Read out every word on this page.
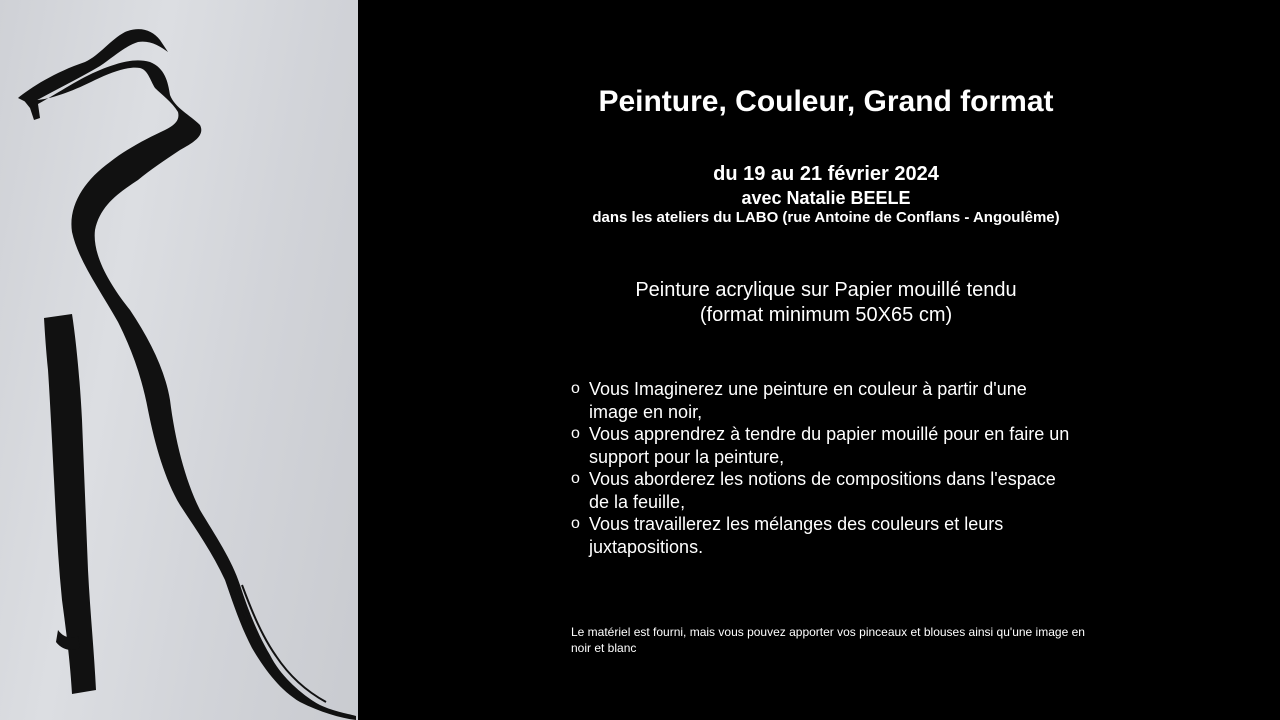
Peinture, Couleur, Grand format

du 19 au 21 février 2024

avec Natalie BEELE

dans les ateliers du LABO (rue Antoine de Conflans - Angoulême)

Peinture acrylique sur Papier mouillé tendu
(format minimum 50X65 cm)

o Vous Imaginerez une peinture en couleur à partir d'une image en noir,
o Vous apprendrez à tendre du papier mouillé pour en faire un support pour la peinture,
o Vous aborderez les notions de compositions dans l'espace de la feuille,
o Vous travaillerez les mélanges des couleurs et leurs juxtapositions.

Le matériel est fourni, mais vous pouvez apporter vos pinceaux et blouses ainsi qu'une image en noir et blanc
